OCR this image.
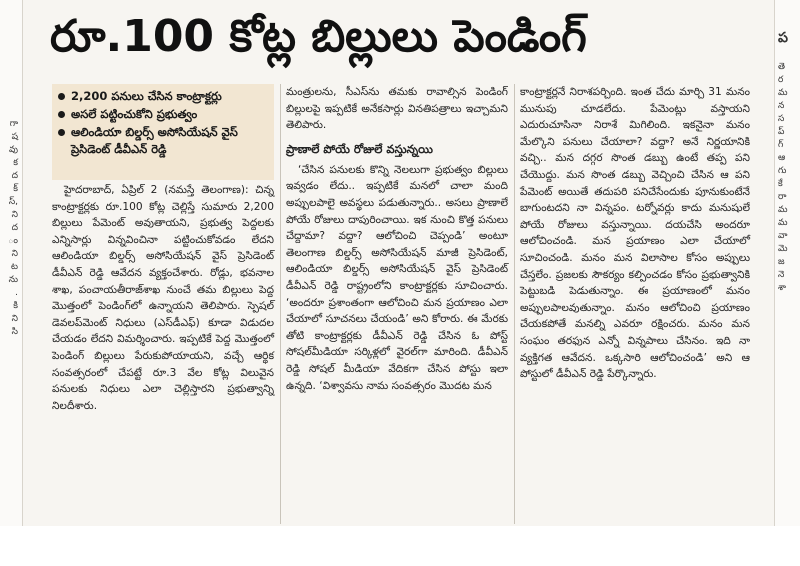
గా
ష
వు
క
ద
క్
స్,
ని
ద
ం
ని
ట
ను
.
కి
ని
సి
రూ.100 కోట్ల బిల్లులు పెండింగ్
2,200 పనులు చేసిన కాంట్రాక్టర్లు
అసలే పట్టించుకోని ప్రభుత్వం
ఆలిండియా బిల్డర్స్ అసోసియేషన్ వైస్ ప్రెసిడెంట్ డీవీఎన్ రెడ్డి

హైదరాబాద్, ఏప్రిల్ 2 (నమస్తే తెలంగాణ): చిన్న కాంట్రాక్టర్లకు రూ.100 కోట్ల చెల్లిస్తే సుమారు 2,200 బిల్లులు పేమెంట్ అవుతాయని, ప్రభుత్వ పెద్దలకు ఎన్నిసార్లు విన్నవించినా పట్టించుకోవడం లేదని ఆలిండియా బిల్డర్స్ అసోసియేషన్ వైస్ ప్రెసిడెంట్ డీవీఎన్ రెడ్డి ఆవేదన వ్యక్తంచేశారు. రోడ్లు, భవనాల శాఖ, పంచాయతీరాజ్‌శాఖ నుంచే తమ బిల్లులు పెద్ద మొత్తంలో పెండింగ్‌లో ఉన్నాయని తెలిపారు. స్పెషల్ డెవలప్‌మెంట్ నిధులు (ఎస్‌డీఎఫ్) కూడా విడుదల చేయడం లేదని విమర్శించారు. ఇప్పటికే పెద్ద మొత్తంలో పెండింగ్ బిల్లులు పేరుకుపోయాయని, వచ్చే ఆర్థిక సంవత్సరంలో చేపట్టే రూ.3 వేల కోట్ల విలువైన పనులకు నిధులు ఎలా చెల్లిస్తారని ప్రభుత్వాన్ని నిలదీశారు.

మంత్రులను, సీఎస్‌ను తమకు రావాల్సిన పెండింగ్ బిల్లులపై ఇప్పటికే అనేకసార్లు వినతిపత్రాలు ఇచ్చామని తెలిపారు.

ప్రాణాలే పోయే రోజులే వస్తున్నయి

‘చేసిన పనులకు కొన్ని నెలలుగా ప్రభుత్వం బిల్లులు ఇవ్వడం లేదు.. ఇప్పటికే మనలో చాలా మంది అప్పులపాలై అవస్థలు పడుతున్నారు.. అసలు ప్రాణాలే పోయే రోజులు దాపురించాయి. ఇక నుంచి కొత్త పనులు చేద్దామా? వద్దా? ఆలోచించి చెప్పండి’ అంటూ తెలంగాణ బిల్డర్స్ అసోసియేషన్ మాజీ ప్రెసిడెంట్, ఆలిండియా బిల్డర్స్ అసోసియేషన్ వైస్ ప్రెసిడెంట్ డీవీఎన్ రెడ్డి రాష్ట్రంలోని కాంట్రాక్టర్లకు సూచించారు. ‘అందరూ ప్రశాంతంగా ఆలోచించి మన ప్రయాణం ఎలా చేయాలో సూచనలు చేయండి’ అని కోరారు. ఈ మేరకు తోటి కాంట్రాక్టర్లకు డీవీఎన్ రెడ్డి చేసిన ఓ పోస్ట్ సోషల్‌మీడియా సర్కిళ్లలో వైరల్‌గా మారింది. డీవీఎన్ రెడ్డి సోషల్ మీడియా వేదికగా చేసిన పోస్టు ఇలా ఉన్నది. ‘విశ్వావసు నామ సంవత్సరం మొదట మన

కాంట్రాక్టర్లనే నిరాశపర్చింది. ఇంత చేదు మార్చి 31 మనం మునుపు చూడలేదు. పేమెంట్లు వస్తాయని ఎదురుచూసినా నిరాశే మిగిలింది. ఇకనైనా మనం మేల్కొని పనులు చేయాలా? వద్దా? అనే నిర్ణయానికి వచ్చి.. మన దగ్గర సొంత డబ్బు ఉంటే తప్ప పని చేయొద్దు. మన సొంత డబ్బు వెచ్చించి చేసిన ఆ పని పేమెంట్ అయితే తదుపరి పనిచేసేందుకు పూనుకుంటేనే బాగుంటదని నా విన్నపం. టర్నోవర్లు కాదు మనుషులే పోయే రోజులు వస్తున్నాయి. దయచేసి అందరూ ఆలోచించండి. మన ప్రయాణం ఎలా చేయాలో సూచించండి. మనం మన విలాసాల కోసం అప్పులు చేస్తలేం. ప్రజలకు సౌకర్యం కల్పించడం కోసం ప్రభుత్వానికి పెట్టుబడి పెడుతున్నాం. ఈ ప్రయాణంలో మనం అప్పులపాలవుతున్నాం. మనం ఆలోచించి ప్రయాణం చేయకపోతే మనల్ని ఎవరూ రక్షించరు. మనం మన సంఘం తరఫున ఎన్నో విన్నపాలు చేసినం. ఇది నా వ్యక్తిగత ఆవేదన. ఒక్కసారి ఆలోచించండి’ అని ఆ పోస్టులో డీవీఎన్ రెడ్డి పేర్కొన్నారు.

ప

తె
ర
మ
న
స
ప్
గ్
ఆ
గు
కే
రా
మ
మ
వా
మె
జ
నె
శా
